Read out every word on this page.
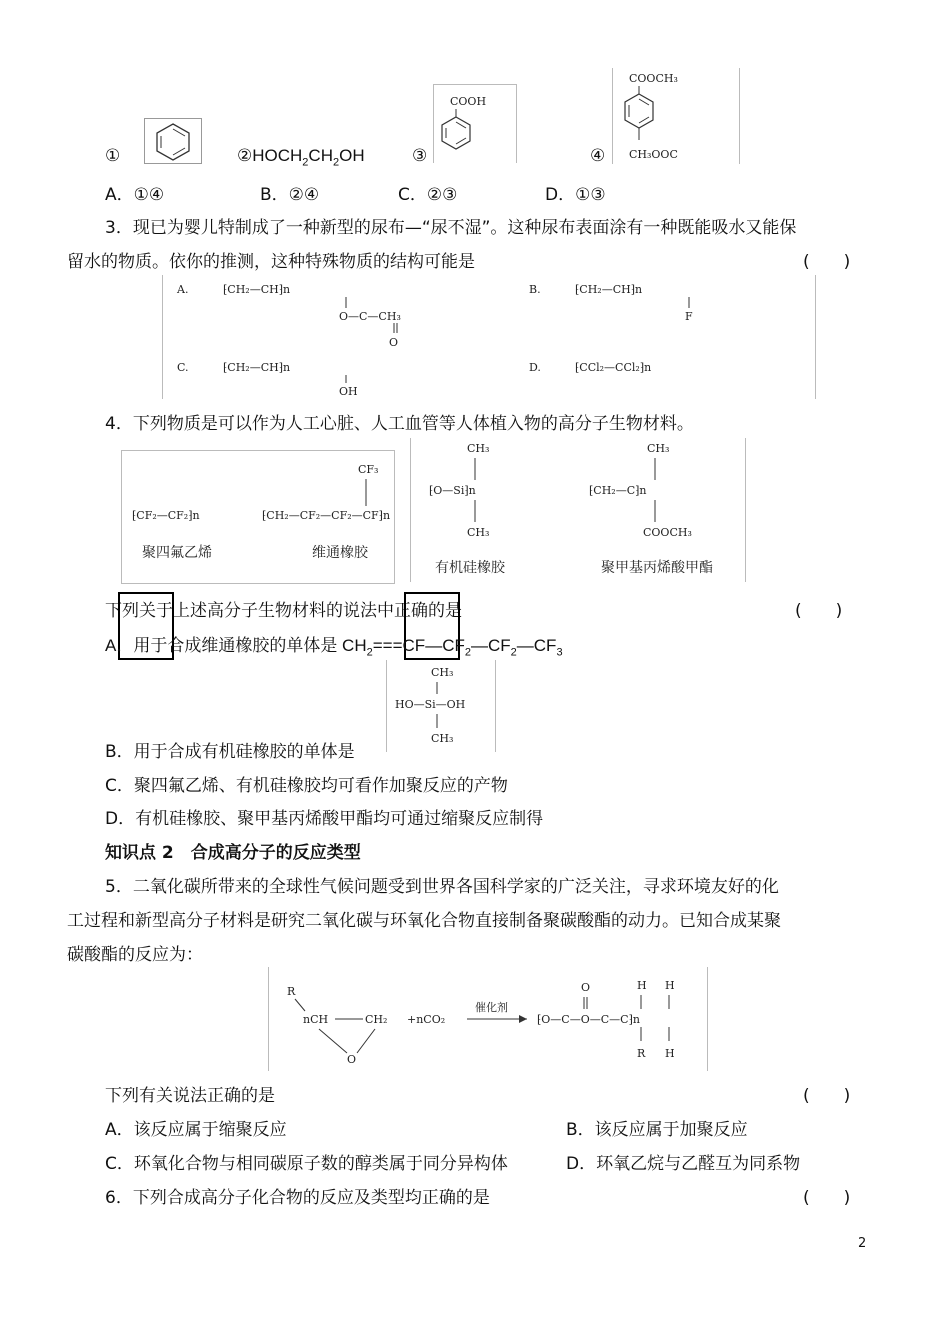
①	$②HOCH_2CH_2OH$	③
COOH
④
COOCH₃
CH₃OOC
A．①④	B．②④	C．②③	D．①③
3．现已为婴儿特制成了一种新型的尿布—“尿不湿”。这种尿布表面涂有一种既能吸水又能保
留水的物质。依你的推测，这种特殊物质的结构可能是	(　　)
A.	⁅CH₂—CH⁆n
O—C—CH₃
O
B.	⁅CH₂—CH⁆n
F
C.	⁅CH₂—CH⁆n
OH
D.	⁅CCl₂—CCl₂⁆n
4．下列物质是可以作为人工心脏、人工血管等人体植入物的高分子生物材料。
⁅CF₂—CF₂⁆n
聚四氟乙烯
CF₃
⁅CH₂—CF₂—CF₂—CF⁆n
维通橡胶
CH₃
⁅O—Si⁆n
CH₃
有机硅橡胶
CH₃
⁅CH₂—C⁆n
COOCH₃
聚甲基丙烯酸甲酯
下列关于上述高分子生物材料的说法中正确的是	(　　)
A．用于合成维通橡胶的单体是 $CH_2===CF—CF_2—CF_2—CF_3$
CH₃
HO—Si—OH
CH₃
B．用于合成有机硅橡胶的单体是
C．聚四氟乙烯、有机硅橡胶均可看作加聚反应的产物
D．有机硅橡胶、聚甲基丙烯酸甲酯均可通过缩聚反应制得
知识点 2　合成高分子的反应类型
5．二氧化碳所带来的全球性气候问题受到世界各国科学家的广泛关注，寻求环境友好的化
工过程和新型高分子材料是研究二氧化碳与环氧化合物直接制备聚碳酸酯的动力。已知合成某聚
碳酸酯的反应为：
R
nCH	CH₂
O
+nCO₂
催化剂
O
⁅O—C—O—C—C⁆n
H H
R H
下列有关说法正确的是	(　　)
A．该反应属于缩聚反应	B．该反应属于加聚反应
C．环氧化合物与相同碳原子数的醇类属于同分异构体	D．环氧乙烷与乙醛互为同系物
6．下列合成高分子化合物的反应及类型均正确的是	(　　)
2
